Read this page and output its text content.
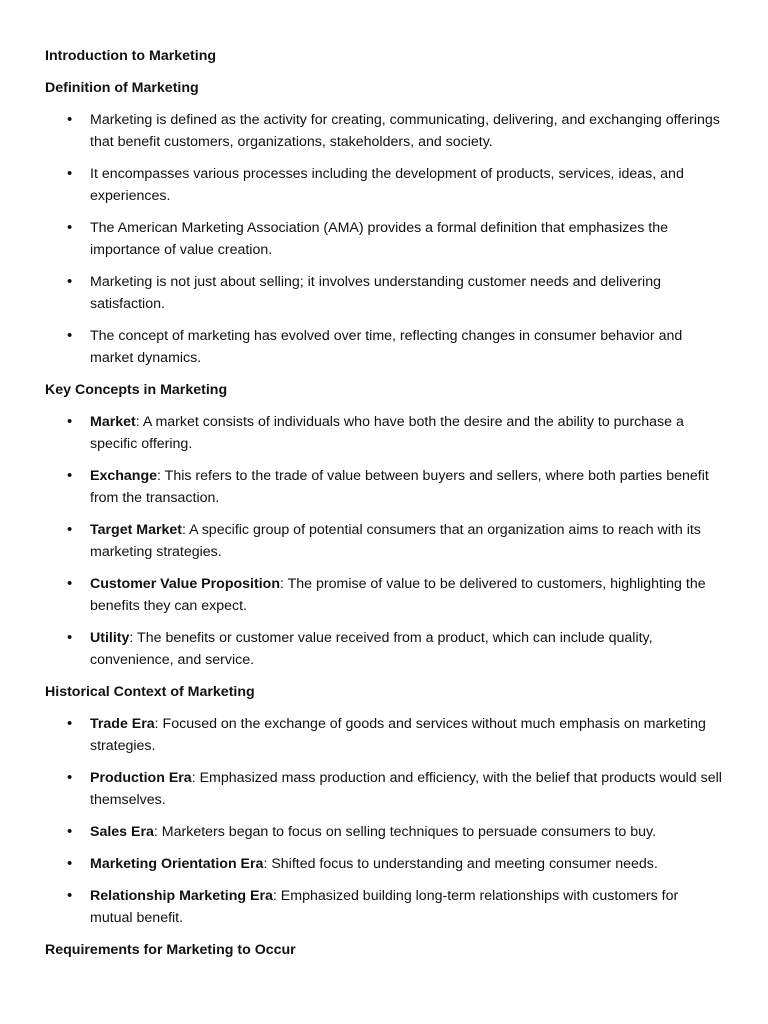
Introduction to Marketing
Definition of Marketing
• Marketing is defined as the activity for creating, communicating, delivering, and exchanging offerings that benefit customers, organizations, stakeholders, and society.
• It encompasses various processes including the development of products, services, ideas, and experiences.
• The American Marketing Association (AMA) provides a formal definition that emphasizes the importance of value creation.
• Marketing is not just about selling; it involves understanding customer needs and delivering satisfaction.
• The concept of marketing has evolved over time, reflecting changes in consumer behavior and market dynamics.
Key Concepts in Marketing
• Market: A market consists of individuals who have both the desire and the ability to purchase a specific offering.
• Exchange: This refers to the trade of value between buyers and sellers, where both parties benefit from the transaction.
• Target Market: A specific group of potential consumers that an organization aims to reach with its marketing strategies.
• Customer Value Proposition: The promise of value to be delivered to customers, highlighting the benefits they can expect.
• Utility: The benefits or customer value received from a product, which can include quality, convenience, and service.
Historical Context of Marketing
• Trade Era: Focused on the exchange of goods and services without much emphasis on marketing strategies.
• Production Era: Emphasized mass production and efficiency, with the belief that products would sell themselves.
• Sales Era: Marketers began to focus on selling techniques to persuade consumers to buy.
• Marketing Orientation Era: Shifted focus to understanding and meeting consumer needs.
• Relationship Marketing Era: Emphasized building long-term relationships with customers for mutual benefit.
Requirements for Marketing to Occur
